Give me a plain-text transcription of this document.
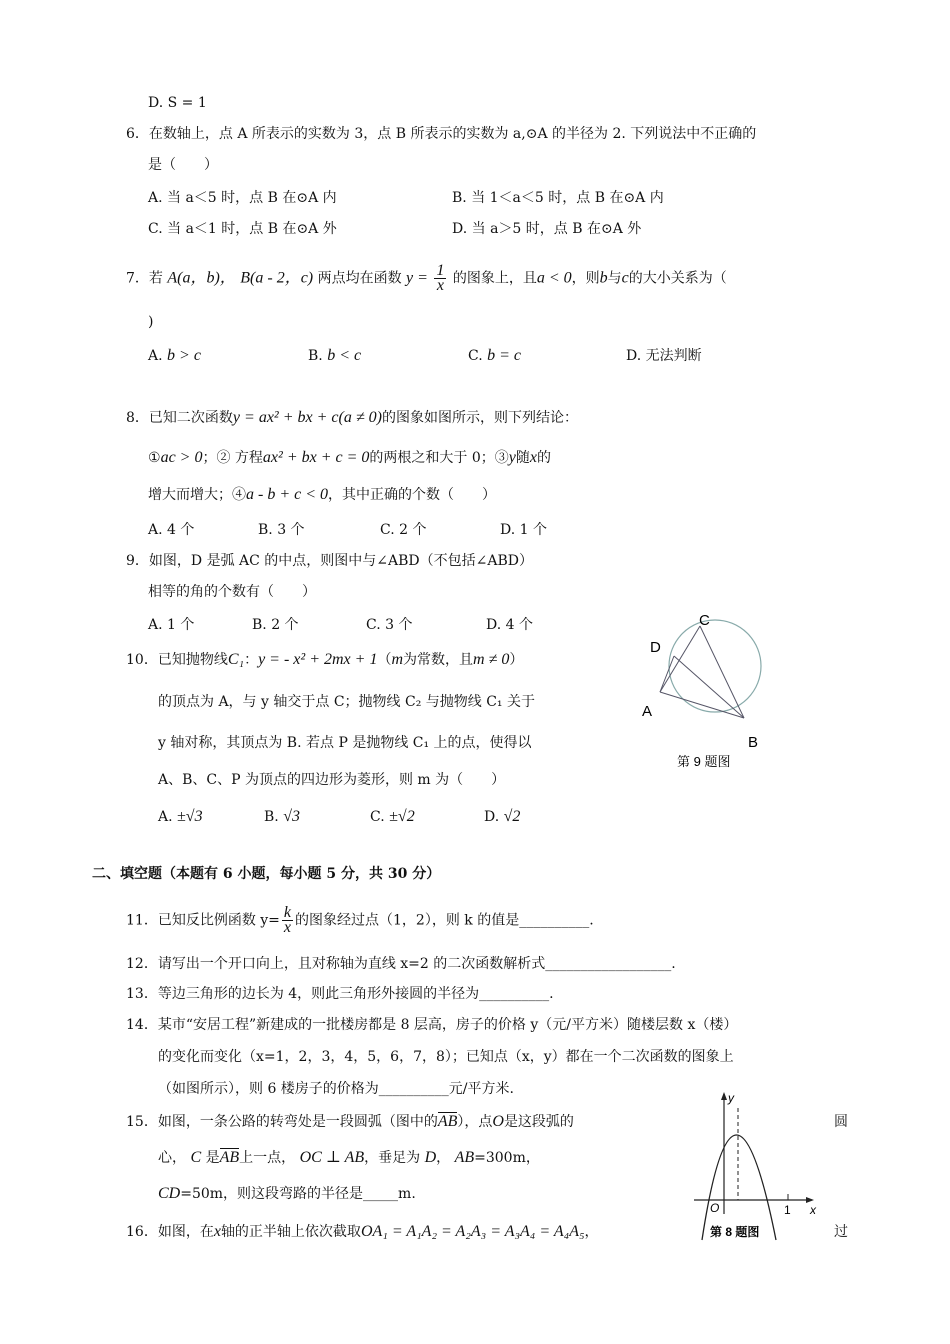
D. S = 1
6．在数轴上，点 A 所表示的实数为 3，点 B 所表示的实数为 a,⊙A 的半径为 2. 下列说法中不正确的
是（　　）
A. 当 a＜5 时，点 B 在⊙A 内	B. 当 1＜a＜5 时，点 B 在⊙A 内
C. 当 a＜1 时，点 B 在⊙A 外	D. 当 a＞5 时，点 B 在⊙A 外
7．若 A(a，b)， B(a - 2，c) 两点均在函数 $y = \frac{1}{x}$ 的图象上，且a < 0，则b与c的大小关系为（
)
A. b > c	B. b < c	C. b = c	D. 无法判断
8．已知二次函数y = ax² + bx + c(a ≠ 0)的图象如图所示，则下列结论：
①ac > 0；② 方程ax² + bx + c = 0的两根之和大于 0；③y随x的
增大而增大；④a - b + c < 0，其中正确的个数（　　）
A. 4 个	B. 3 个	C. 2 个	D. 1 个
9．如图，D 是弧 AC 的中点，则图中与∠ABD（不包括∠ABD）
相等的角的个数有（　　）
A. 1 个	B. 2 个	C. 3 个	D. 4 个	C
D
A
B
第 9 题图
10．已知抛物线C₁：y = - x² + 2mx + 1（m为常数，且m ≠ 0）
的顶点为 A，与 y 轴交于点 C；抛物线 C₂ 与抛物线 C₁ 关于
y 轴对称，其顶点为 B. 若点 P 是抛物线 C₁ 上的点，使得以
A、B、C、P 为顶点的四边形为菱形，则 m 为（　　）
A. ±√3	B. √3	C. ±√2	D. √2
二、填空题（本题有 6 小题，每小题 5 分，共 30 分）
11．已知反比例函数 $y= \frac{k}{x}$ 的图象经过点（1，2），则 k 的值是__________.
12．请写出一个开口向上，且对称轴为直线 x=2 的二次函数解析式__________________.
13．等边三角形的边长为 4，则此三角形外接圆的半径为__________.
14．某市“安居工程”新建成的一批楼房都是 8 层高，房子的价格 y（元/平方米）随楼层数 x（楼）
的变化而变化（x=1，2，3，4，5，6，7，8）；已知点（x，y）都在一个二次函数的图象上
（如图所示），则 6 楼房子的价格为__________元/平方米.
15．如图，一条公路的转弯处是一段圆弧（图中的AB），点O是这段弧的	圆
心， C 是AB上一点， OC ⊥ AB，垂足为 D， AB=300m，
CD=50m，则这段弯路的半径是_____m.
16．如图，在x轴的正半轴上依次截取OA₁ = A₁A₂ = A₂A₃ = A₃A₄ = A₄A₅，	过
y
x
O	1
第 8 题图
